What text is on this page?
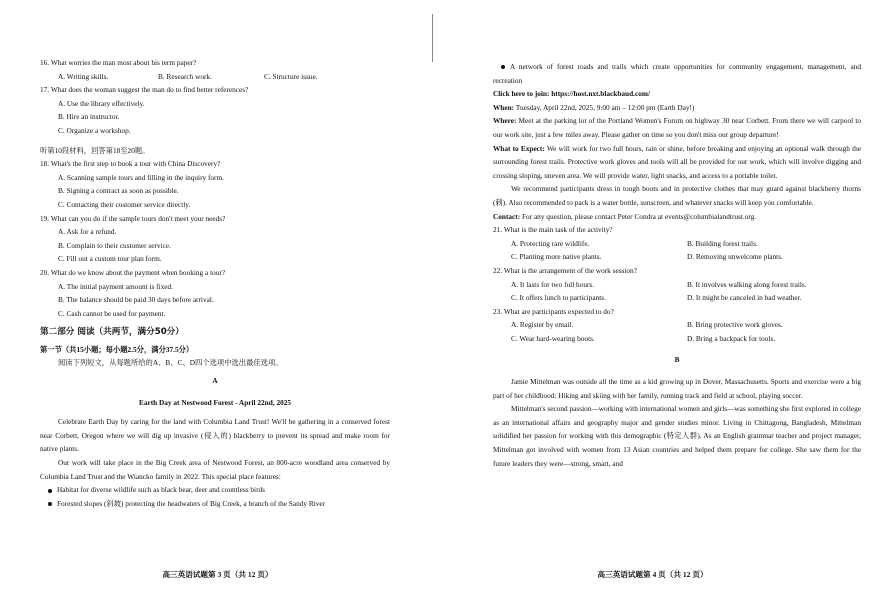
16. What worries the man most about his term paper?

A. Writing skills.	B. Research work.	C. Structure issue.

17. What does the woman suggest the man do to find better references?

A. Use the library effectively.

B. Hire an instructor.

C. Organize a workshop.

听第10段材料，回答第18至20题。

18. What's the first step to book a tour with China Discovery?

A. Scanning sample tours and filling in the inquiry form.

B. Signing a contract as soon as possible.

C. Contacting their customer service directly.

19. What can you do if the sample tours don't meet your needs?

A. Ask for a refund.

B. Complain to their customer service.

C. Fill out a custom tour plan form.

20. What do we know about the payment when booking a tour?

A. The initial payment amount is fixed.

B. The balance should be paid 30 days before arrival.

C. Cash cannot be used for payment.

第二部分 阅读（共两节，满分50分）

第一节（共15小题；每小题2.5分，满分37.5分）

阅读下列短文，从每题所给的A、B、C、D四个选项中选出最佳选项。

A

Earth Day at Nestwood Forest - April 22nd, 2025

Celebrate Earth Day by caring for the land with Columbia Land Trust! We'll be gathering in a conserved forest near Corbett, Oregon where we will dig up invasive (侵入的) blackberry to prevent its spread and make room for native plants.

Our work will take place in the Big Creek area of Nestwood Forest, an 800-acre woodland area conserved by Columbia Land Trust and the Wiancko family in 2022. This special place features:

Habitat for diverse wildlife such as black bear, deer and countless birds

Forested slopes (斜坡) protecting the headwaters of Big Creek, a branch of the Sandy River

高三英语试题第 3 页（共 12 页）

A network of forest roads and trails which create opportunities for community engagement, management, and recreation

Click here to join: https://host.nxt.blackbaud.com/

When: Tuesday, April 22nd, 2025, 9:00 am – 12:00 pm (Earth Day!)

Where: Meet at the parking lot of the Portland Women's Forum on highway 30 near Corbett. From there we will carpool to our work site, just a few miles away. Please gather on time so you don't miss our group departure!

What to Expect: We will work for two full hours, rain or shine, before breaking and enjoying an optional walk through the surrounding forest trails. Protective work gloves and tools will all be provided for our work, which will involve digging and crossing sloping, uneven area. We will provide water, light snacks, and access to a portable toilet.

We recommend participants dress in tough boots and in protective clothes that may guard against blackberry thorns (刺). Also recommended to pack is a water bottle, sunscreen, and whatever snacks will keep you comfortable.

Contact: For any question, please contact Peter Condra at events@columbialandtrust.org.

21. What is the main task of the activity?

A. Protecting rare wildlife.	B. Building forest trails.
C. Planting more native plants.	D. Removing unwelcome plants.

22. What is the arrangement of the work session?

A. It lasts for two full hours.	B. It involves walking along forest trails.
C. It offers lunch to participants.	D. It might be canceled in bad weather.

23. What are participants expected to do?

A. Register by email.	B. Bring protective work gloves.
C. Wear hard-wearing boots.	D. Bring a backpack for tools.

B

Jamie Mittelman was outside all the time as a kid growing up in Dover, Massachusetts. Sports and exercise were a big part of her childhood: Hiking and skiing with her family, running track and field at school, playing soccer.

Mittelman's second passion—working with international women and girls—was something she first explored in college as an international affairs and geography major and gender studies minor. Living in Chittagong, Bangladesh, Mittelman solidified her passion for working with this demographic (特定人群). As an English grammar teacher and project manager, Mittelman got involved with women from 13 Asian countries and helped them prepare for college. She saw them for the future leaders they were—strong, smart, and

高三英语试题第 4 页（共 12 页）
